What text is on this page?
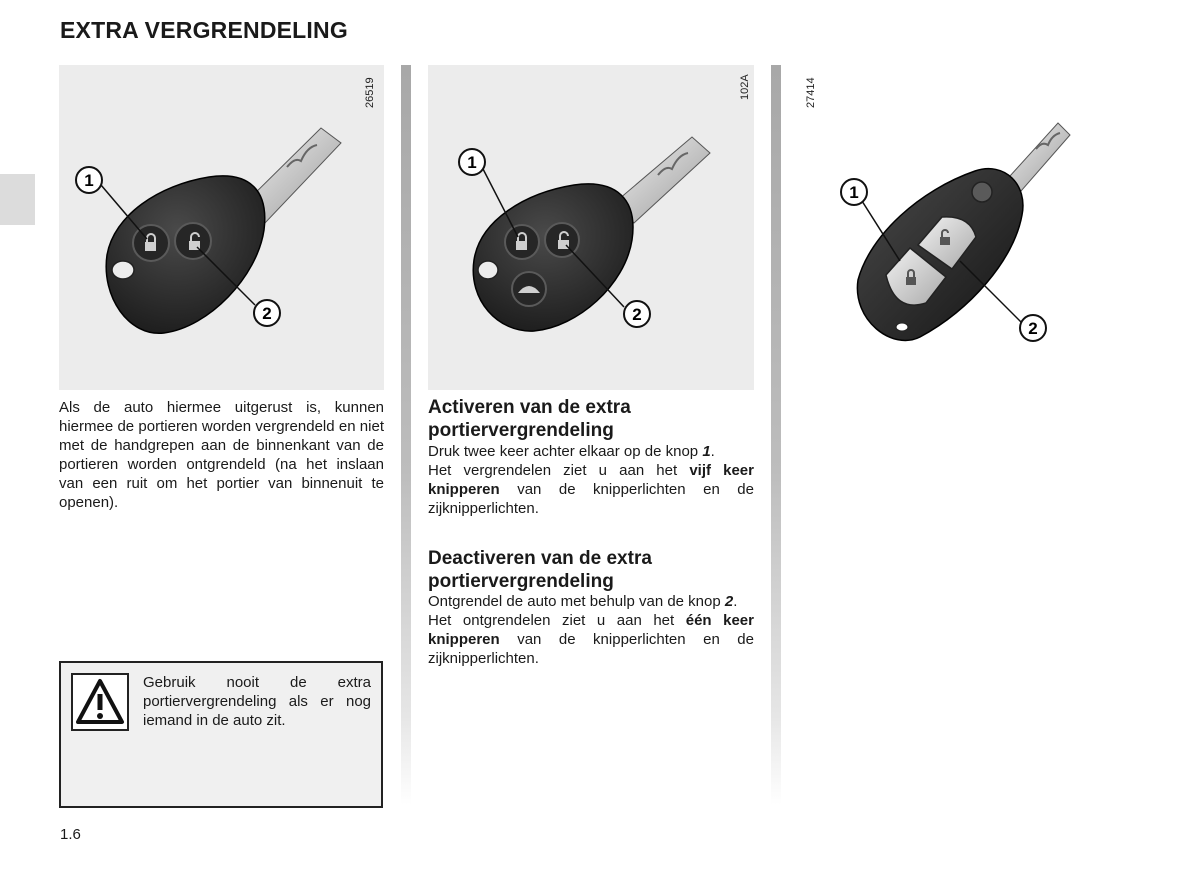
EXTRA VERGRENDELING
1
2
26519
1
2
102A
1
2
27414

Als de auto hiermee uitgerust is, kunnen hiermee de portieren worden vergrendeld en niet met de handgrepen aan de binnenkant van de portieren worden ontgrendeld (na het inslaan van een ruit om het portier van binnenuit te openen).

Gebruik nooit de extra portiervergrendeling als er nog iemand in de auto zit.

1.6
Activeren van de extra portiervergrendeling

Druk twee keer achter elkaar op de knop 1.
Het vergrendelen ziet u aan het vijf keer knipperen van de knipperlichten en de zijknipperlichten.

Deactiveren van de extra portiervergrendeling

Ontgrendel de auto met behulp van de knop 2.
Het ontgrendelen ziet u aan het één keer knipperen van de knipperlichten en de zijknipperlichten.
